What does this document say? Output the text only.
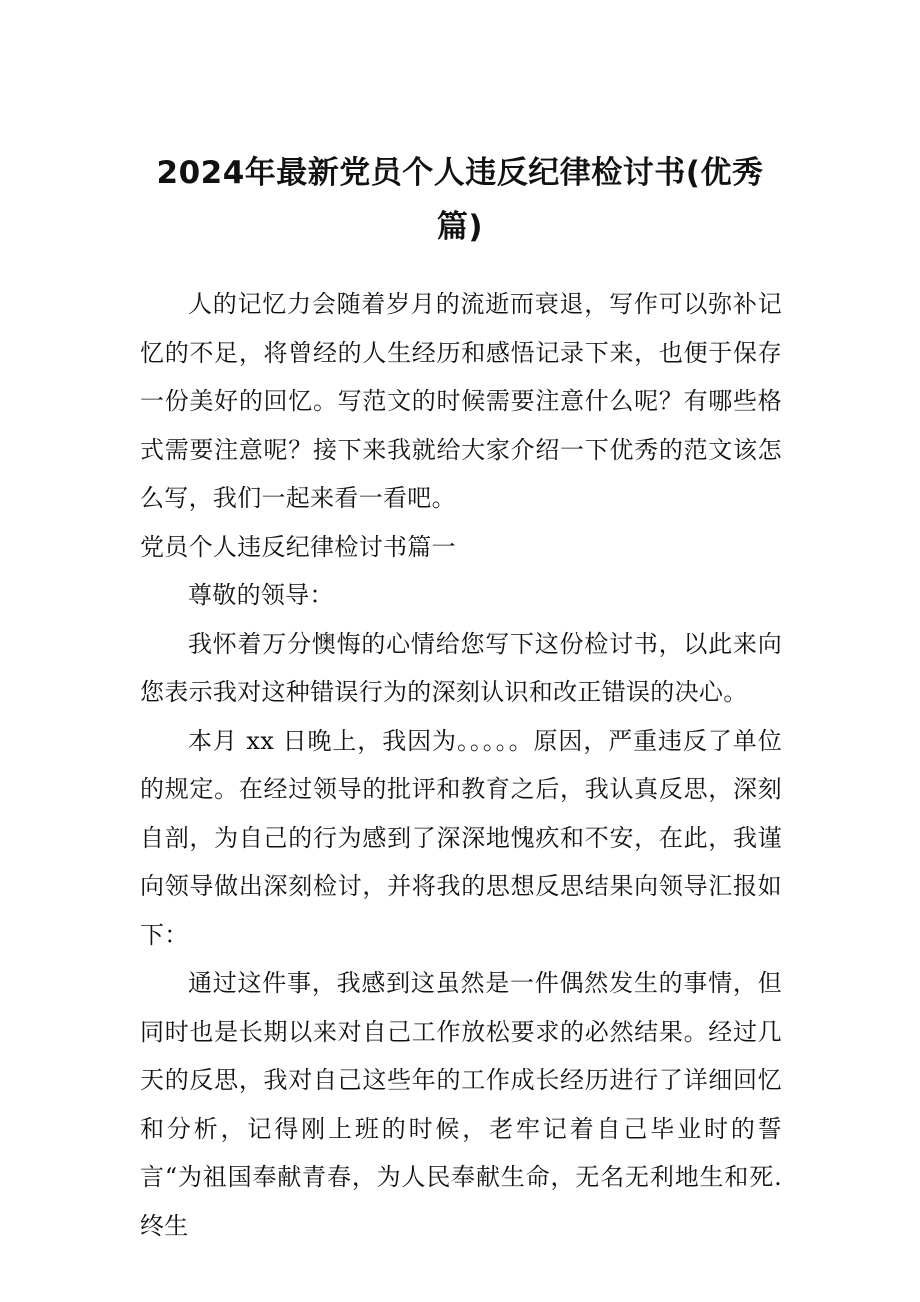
2024年最新党员个人违反纪律检讨书(优秀篇)

人的记忆力会随着岁月的流逝而衰退，写作可以弥补记忆的不足，将曾经的人生经历和感悟记录下来，也便于保存一份美好的回忆。写范文的时候需要注意什么呢？有哪些格式需要注意呢？接下来我就给大家介绍一下优秀的范文该怎么写，我们一起来看一看吧。

党员个人违反纪律检讨书篇一

尊敬的领导：

我怀着万分懊悔的心情给您写下这份检讨书，以此来向您表示我对这种错误行为的深刻认识和改正错误的决心。

本月 xx 日晚上，我因为。。。。。原因，严重违反了单位的规定。在经过领导的批评和教育之后，我认真反思，深刻自剖，为自己的行为感到了深深地愧疚和不安，在此，我谨向领导做出深刻检讨，并将我的思想反思结果向领导汇报如下：

通过这件事，我感到这虽然是一件偶然发生的事情，但同时也是长期以来对自己工作放松要求的必然结果。经过几天的反思，我对自己这些年的工作成长经历进行了详细回忆和分析，记得刚上班的时候，老牢记着自己毕业时的誓言“为祖国奉献青春，为人民奉献生命，无名无利地生和死. 终生
